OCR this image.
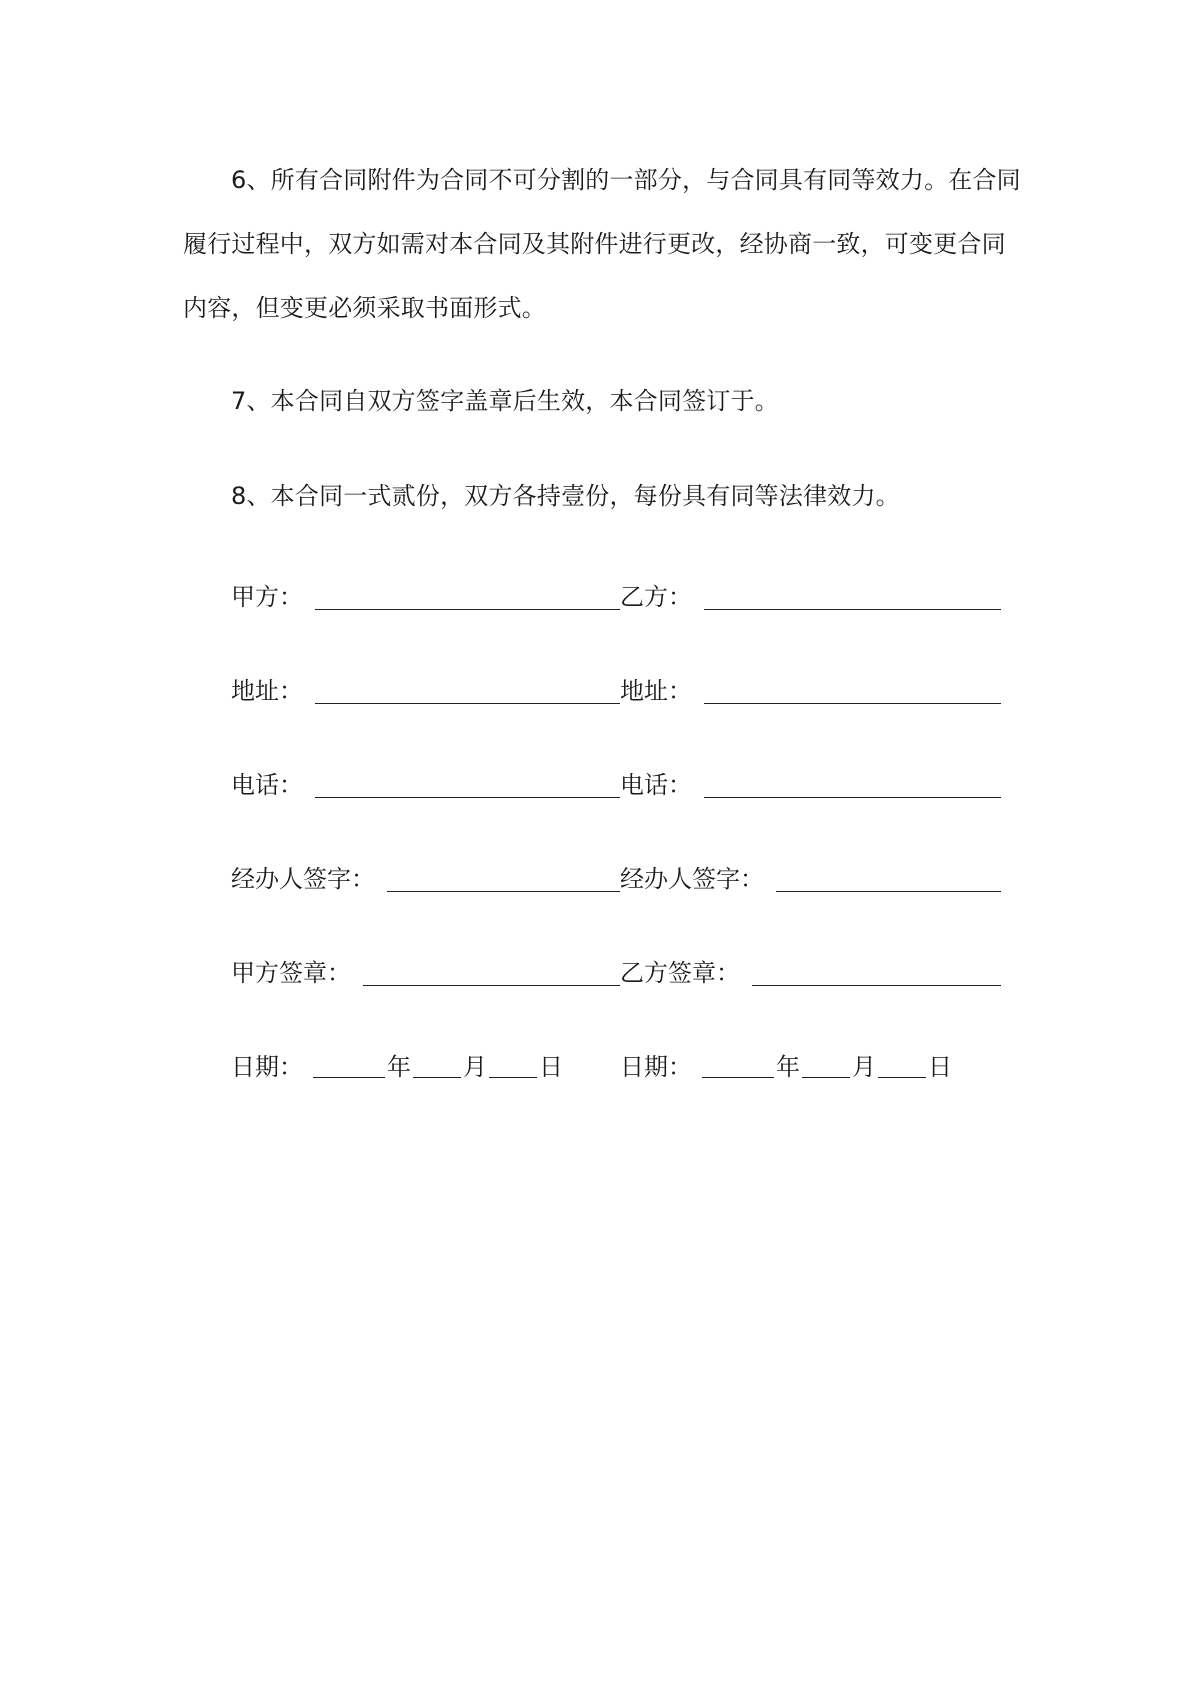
6、所有合同附件为合同不可分割的一部分，与合同具有同等效力。在合同履行过程中，双方如需对本合同及其附件进行更改，经协商一致，可变更合同内容，但变更必须采取书面形式。

7、本合同自双方签字盖章后生效，本合同签订于。

8、本合同一式贰份，双方各持壹份，每份具有同等法律效力。

甲方：	乙方：
地址：	地址：
电话：	电话：
经办人签字：	经办人签字：
甲方签章：	乙方签章：
日期：	年 月 日 日期：	年 月 日
